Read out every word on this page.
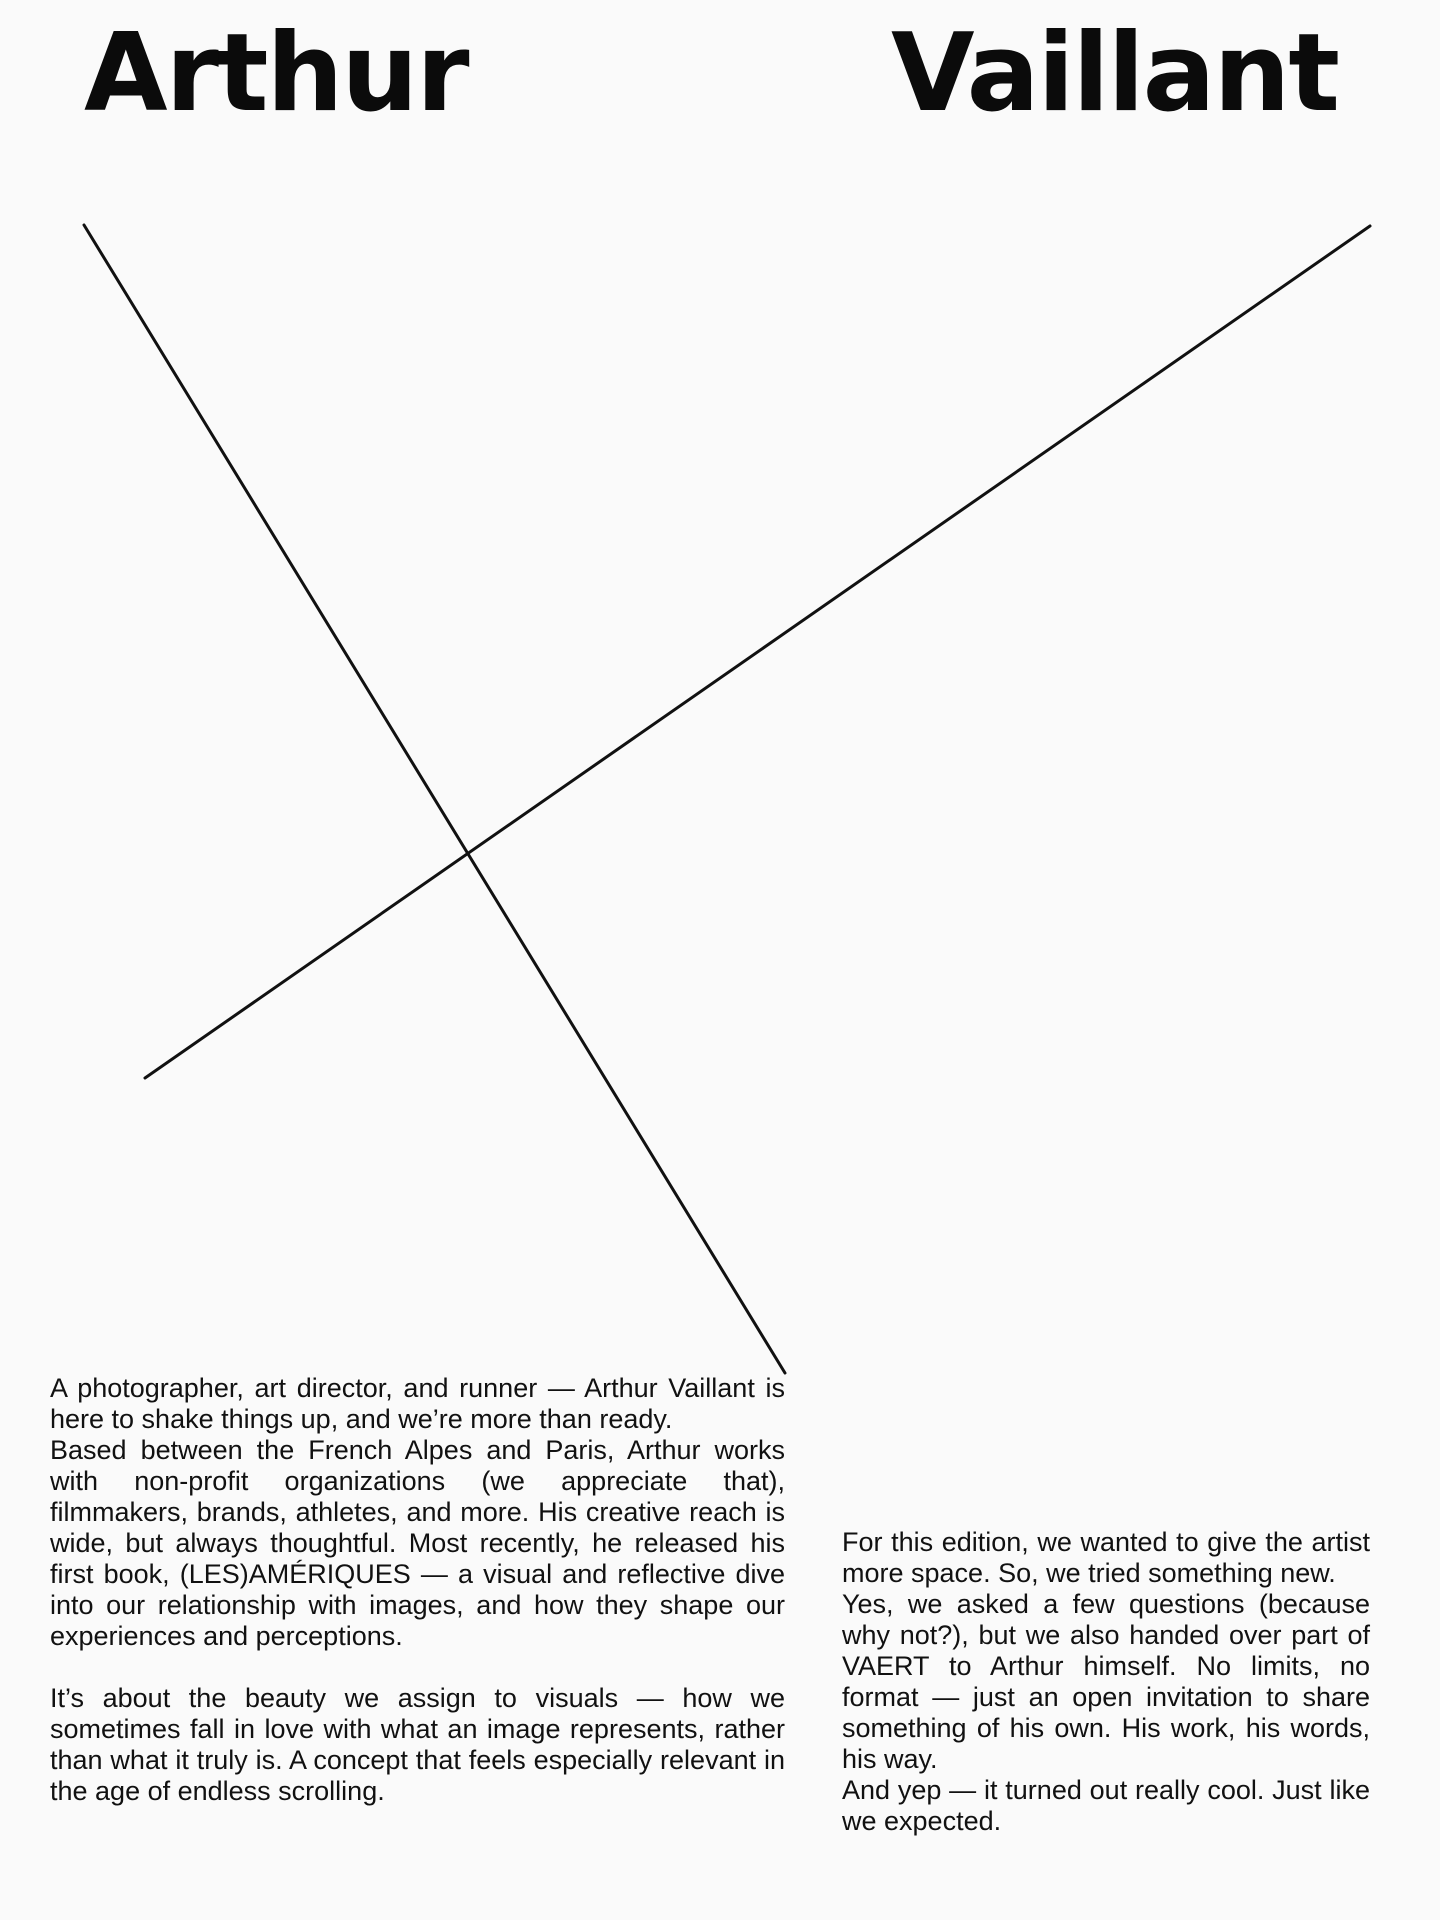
Arthur	Vaillant

A photographer, art director, and runner — Arthur Vaillant is here to shake things up, and we’re more than ready.

Based between the French Alpes and Paris, Arthur works with non-profit organizations (we appreciate that), filmmakers, brands, athletes, and more. His creative reach is wide, but always thoughtful. Most recently, he released his first book, (LES)AMÉRIQUES — a visual and reflective dive into our relationship with images, and how they shape our experiences and perceptions.

It’s about the beauty we assign to visuals — how we sometimes fall in love with what an image represents, rather than what it truly is. A concept that feels especially relevant in the age of endless scrolling.

For this edition, we wanted to give the artist more space. So, we tried something new.

Yes, we asked a few questions (because why not?), but we also handed over part of VAERT to Arthur himself. No limits, no format — just an open invitation to share something of his own. His work, his words, his way.

And yep — it turned out really cool. Just like we expected.
